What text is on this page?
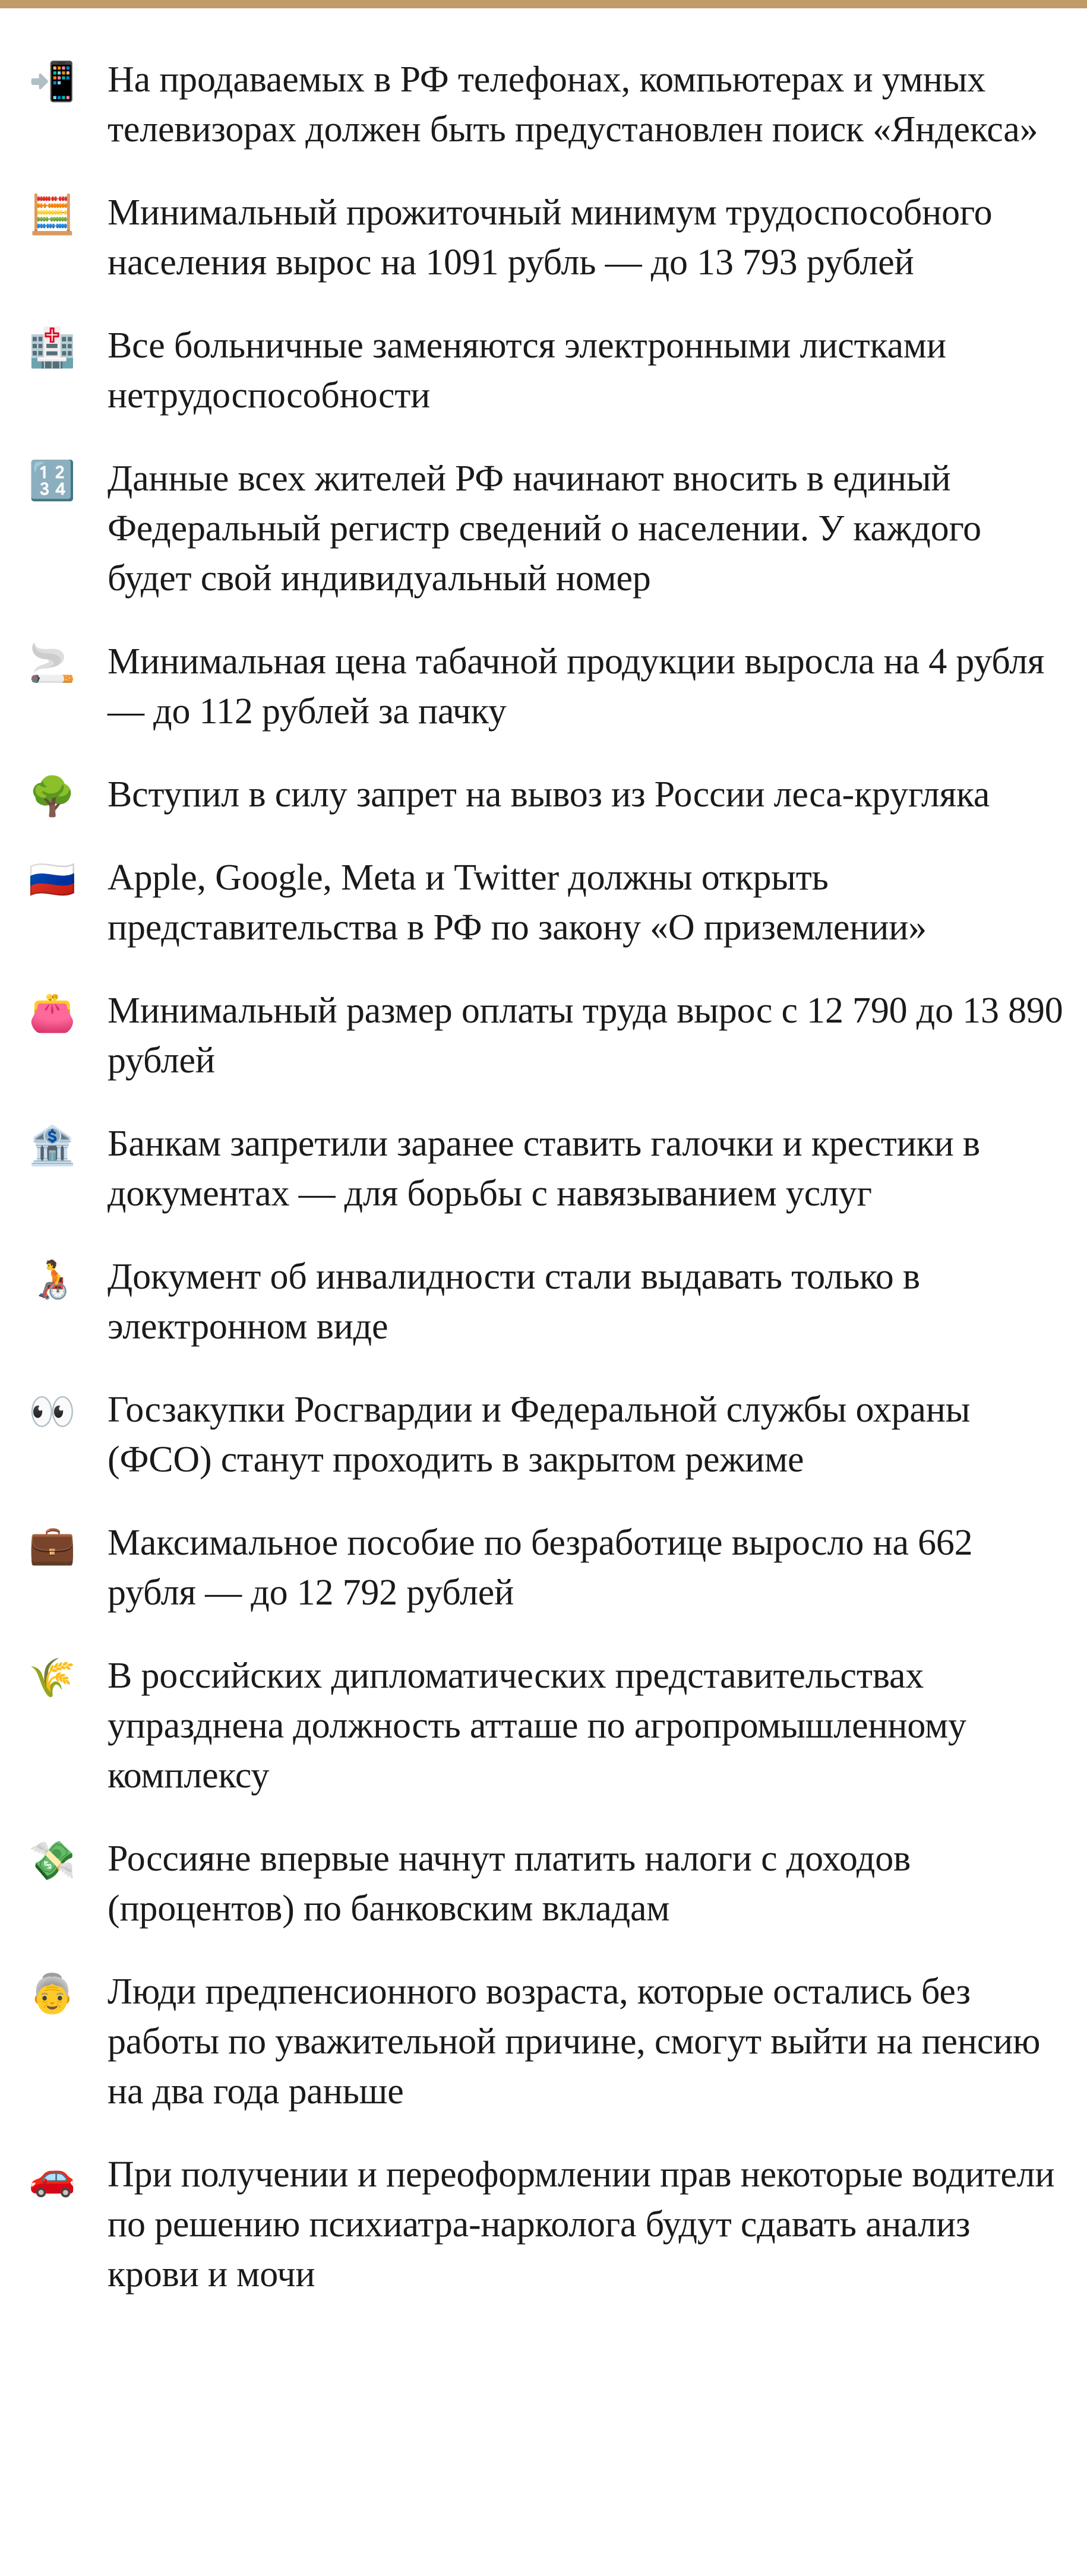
📲 На продаваемых в РФ телефонах, компьютерах и умных телевизорах должен быть предустановлен поиск «Яндекса»
🧮 Минимальный прожиточный минимум трудоспособного населения вырос на 1091 рубль — до 13 793 рублей
🏥 Все больничные заменяются электронными листками нетрудоспособности
🔢 Данные всех жителей РФ начинают вносить в единый Федеральный регистр сведений о населении. У каждого будет свой индивидуальный номер
🚬 Минимальная цена табачной продукции выросла на 4 рубля — до 112 рублей за пачку
🌳 Вступил в силу запрет на вывоз из России леса-кругляка
🇷🇺 Apple, Google, Meta и Twitter должны открыть представительства в РФ по закону «О приземлении»
👛 Минимальный размер оплаты труда вырос с 12 790 до 13 890 рублей
🏦 Банкам запретили заранее ставить галочки и крестики в документах — для борьбы с навязыванием услуг
🧑‍🦽 Документ об инвалидности стали выдавать только в электронном виде
👀 Госзакупки Росгвардии и Федеральной службы охраны (ФСО) станут проходить в закрытом режиме
💼 Максимальное пособие по безработице выросло на 662 рубля — до 12 792 рублей
🌾 В российских дипломатических представительствах упразднена должность атташе по агропромышленному комплексу
💸 Россияне впервые начнут платить налоги с доходов (процентов) по банковским вкладам
👵 Люди предпенсионного возраста, которые остались без работы по уважительной причине, смогут выйти на пенсию на два года раньше
🚗 При получении и переоформлении прав некоторые водители по решению психиатра-нарколога будут сдавать анализ крови и мочи
